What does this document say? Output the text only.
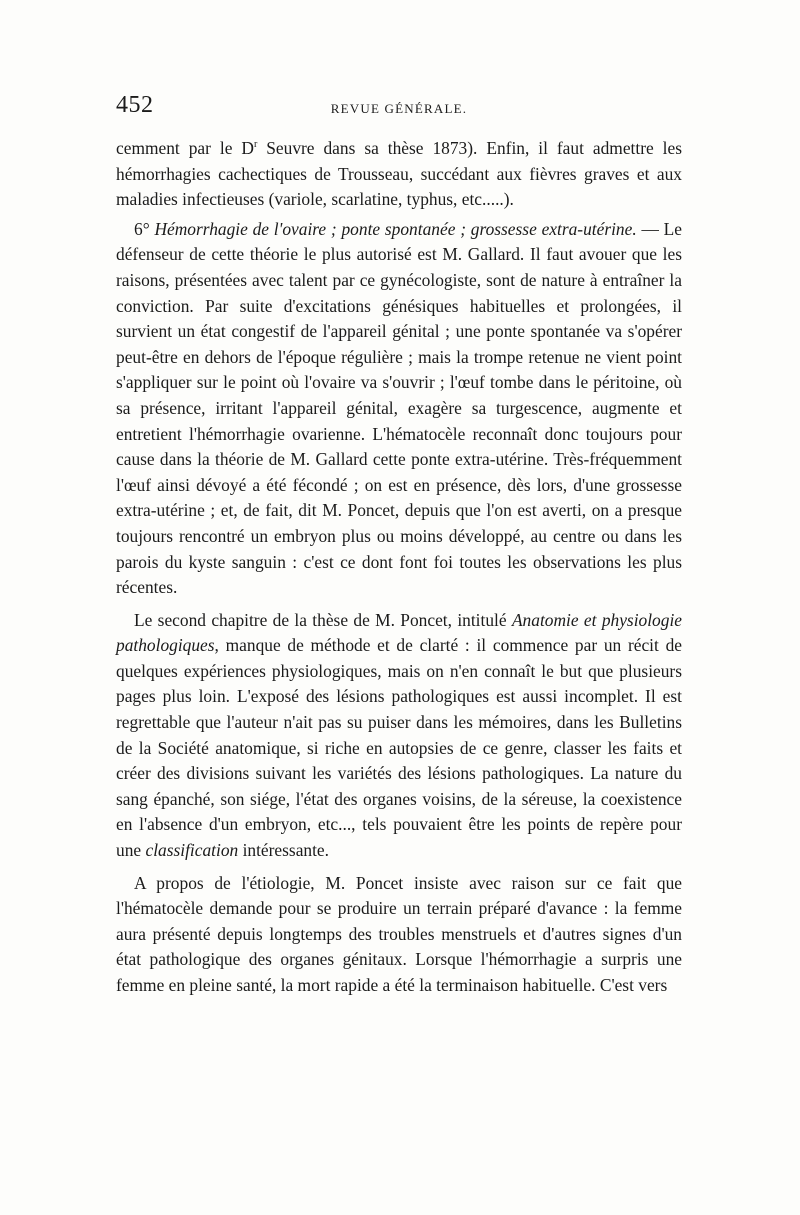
452	REVUE GÉNÉRALE.

cemment par le $D^r$ Seuvre dans sa thèse 1873). Enfin, il faut admettre les hémorrhagies cachectiques de Trousseau, succédant aux fièvres graves et aux maladies infectieuses (variole, scarlatine, typhus, etc.....).

6° Hémorrhagie de l'ovaire ; ponte spontanée ; grossesse extra-utérine. — Le défenseur de cette théorie le plus autorisé est M. Gallard. Il faut avouer que les raisons, présentées avec talent par ce gynécologiste, sont de nature à entraîner la conviction. Par suite d'excitations génésiques habituelles et prolongées, il survient un état congestif de l'appareil génital ; une ponte spontanée va s'opérer peut-être en dehors de l'époque régulière ; mais la trompe retenue ne vient point s'appliquer sur le point où l'ovaire va s'ouvrir ; l'œuf tombe dans le péritoine, où sa présence, irritant l'appareil génital, exagère sa turgescence, augmente et entretient l'hémorrhagie ovarienne. L'hématocèle reconnaît donc toujours pour cause dans la théorie de M. Gallard cette ponte extra-utérine. Très-fréquemment l'œuf ainsi dévoyé a été fécondé ; on est en présence, dès lors, d'une grossesse extra-utérine ; et, de fait, dit M. Poncet, depuis que l'on est averti, on a presque toujours rencontré un embryon plus ou moins développé, au centre ou dans les parois du kyste sanguin : c'est ce dont font foi toutes les observations les plus récentes.

Le second chapitre de la thèse de M. Poncet, intitulé Anatomie et physiologie pathologiques, manque de méthode et de clarté : il commence par un récit de quelques expériences physiologiques, mais on n'en connaît le but que plusieurs pages plus loin. L'exposé des lésions pathologiques est aussi incomplet. Il est regrettable que l'auteur n'ait pas su puiser dans les mémoires, dans les Bulletins de la Société anatomique, si riche en autopsies de ce genre, classer les faits et créer des divisions suivant les variétés des lésions pathologiques. La nature du sang épanché, son siége, l'état des organes voisins, de la séreuse, la coexistence en l'absence d'un embryon, etc..., tels pouvaient être les points de repère pour une classification intéressante.

A propos de l'étiologie, M. Poncet insiste avec raison sur ce fait que l'hématocèle demande pour se produire un terrain préparé d'avance : la femme aura présenté depuis longtemps des troubles menstruels et d'autres signes d'un état pathologique des organes génitaux. Lorsque l'hémorrhagie a surpris une femme en pleine santé, la mort rapide a été la terminaison habituelle. C'est vers
